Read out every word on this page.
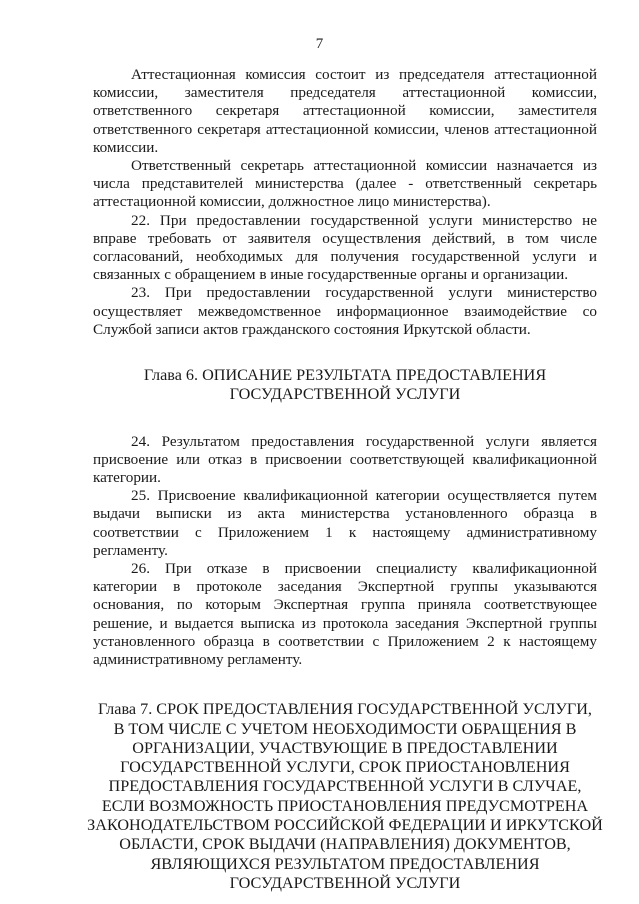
7

Аттестационная комиссия состоит из председателя аттестационной комиссии, заместителя председателя аттестационной комиссии, ответственного секретаря аттестационной комиссии, заместителя ответственного секретаря аттестационной комиссии, членов аттестационной комиссии.

Ответственный секретарь аттестационной комиссии назначается из числа представителей министерства (далее - ответственный секретарь аттестационной комиссии, должностное лицо министерства).

22. При предоставлении государственной услуги министерство не вправе требовать от заявителя осуществления действий, в том числе согласований, необходимых для получения государственной услуги и связанных с обращением в иные государственные органы и организации.

23. При предоставлении государственной услуги министерство осуществляет межведомственное информационное взаимодействие со Службой записи актов гражданского состояния Иркутской области.

Глава 6. ОПИСАНИЕ РЕЗУЛЬТАТА ПРЕДОСТАВЛЕНИЯ
ГОСУДАРСТВЕННОЙ УСЛУГИ

24. Результатом предоставления государственной услуги является присвоение или отказ в присвоении соответствующей квалификационной категории.

25. Присвоение квалификационной категории осуществляется путем выдачи выписки из акта министерства установленного образца в соответствии с Приложением 1 к настоящему административному регламенту.

26. При отказе в присвоении специалисту квалификационной категории в протоколе заседания Экспертной группы указываются основания, по которым Экспертная группа приняла соответствующее решение, и выдается выписка из протокола заседания Экспертной группы установленного образца в соответствии с Приложением 2 к настоящему административному регламенту.

Глава 7. СРОК ПРЕДОСТАВЛЕНИЯ ГОСУДАРСТВЕННОЙ УСЛУГИ,
В ТОМ ЧИСЛЕ С УЧЕТОМ НЕОБХОДИМОСТИ ОБРАЩЕНИЯ В
ОРГАНИЗАЦИИ, УЧАСТВУЮЩИЕ В ПРЕДОСТАВЛЕНИИ
ГОСУДАРСТВЕННОЙ УСЛУГИ, СРОК ПРИОСТАНОВЛЕНИЯ
ПРЕДОСТАВЛЕНИЯ ГОСУДАРСТВЕННОЙ УСЛУГИ В СЛУЧАЕ,
ЕСЛИ ВОЗМОЖНОСТЬ ПРИОСТАНОВЛЕНИЯ ПРЕДУСМОТРЕНА
ЗАКОНОДАТЕЛЬСТВОМ РОССИЙСКОЙ ФЕДЕРАЦИИ И ИРКУТСКОЙ
ОБЛАСТИ, СРОК ВЫДАЧИ (НАПРАВЛЕНИЯ) ДОКУМЕНТОВ,
ЯВЛЯЮЩИХСЯ РЕЗУЛЬТАТОМ ПРЕДОСТАВЛЕНИЯ
ГОСУДАРСТВЕННОЙ УСЛУГИ
